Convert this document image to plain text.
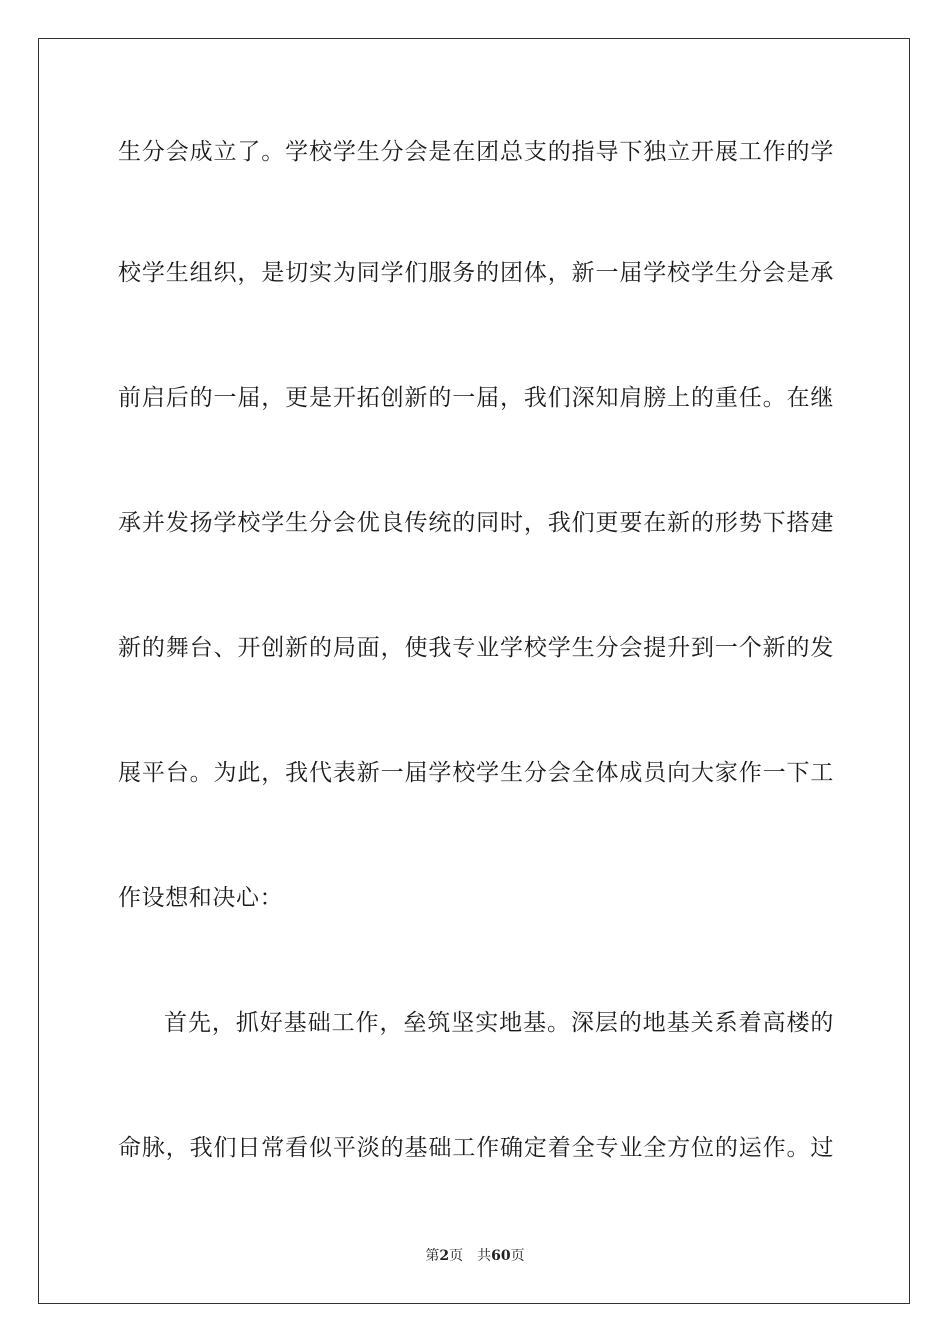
生分会成立了。学校学生分会是在团总支的指导下独立开展工作的学
校学生组织，是切实为同学们服务的团体，新一届学校学生分会是承
前启后的一届，更是开拓创新的一届，我们深知肩膀上的重任。在继
承并发扬学校学生分会优良传统的同时，我们更要在新的形势下搭建
新的舞台、开创新的局面，使我专业学校学生分会提升到一个新的发
展平台。为此，我代表新一届学校学生分会全体成员向大家作一下工
作设想和决心：
首先，抓好基础工作，垒筑坚实地基。深层的地基关系着高楼的
命脉，我们日常看似平淡的基础工作确定着全专业全方位的运作。过
第2页 共60页
